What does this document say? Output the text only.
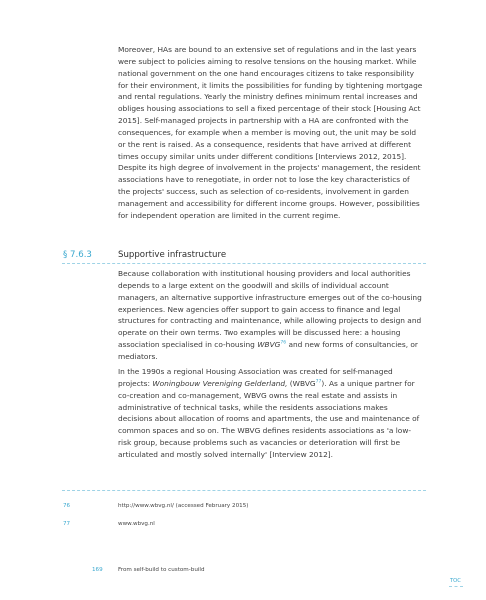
Moreover, HAs are bound to an extensive set of regulations and in the last years were subject to policies aiming to resolve tensions on the housing market. While national government on the one hand encourages citizens to take responsibility for their environment, it limits the possibilities for funding by tightening mortgage and rental regulations. Yearly the ministry defines minimum rental increases and obliges housing associations to sell a fixed percentage of their stock [Housing Act 2015]. Self-managed projects in partnership with a HA are confronted with the consequences, for example when a member is moving out, the unit may be sold or the rent is raised. As a consequence, residents that have arrived at different times occupy similar units under different conditions [Interviews 2012, 2015]. Despite its high degree of involvement in the projects' management, the resident associations have to renegotiate, in order not to lose the key characteristics of the projects' success, such as selection of co-residents, involvement in garden management and accessibility for different income groups. However, possibilities for independent operation are limited in the current regime.

§ 7.6.3	Supportive infrastructure

Because collaboration with institutional housing providers and local authorities depends to a large extent on the goodwill and skills of individual account managers, an alternative supportive infrastructure emerges out of the co-housing experiences. New agencies offer support to gain access to finance and legal structures for contracting and maintenance, while allowing projects to design and operate on their own terms. Two examples will be discussed here: a housing association specialised in co-housing WBVG$^{76}$ and new forms of consultancies, or mediators.

In the 1990s a regional Housing Association was created for self-managed projects: Woningbouw Vereniging Gelderland, (WBVG$^{77}$). As a unique partner for co-creation and co-management, WBVG owns the real estate and assists in administrative of technical tasks, while the residents associations makes decisions about allocation of rooms and apartments, the use and maintenance of common spaces and so on. The WBVG defines residents associations as 'a low-risk group, because problems such as vacancies or deterioration will first be articulated and mostly solved internally' [Interview 2012].

76	http://www.wbvg.nl/ (accessed February 2015)
77	www.wbvg.nl
169	From self-build to custom-build
TOC
